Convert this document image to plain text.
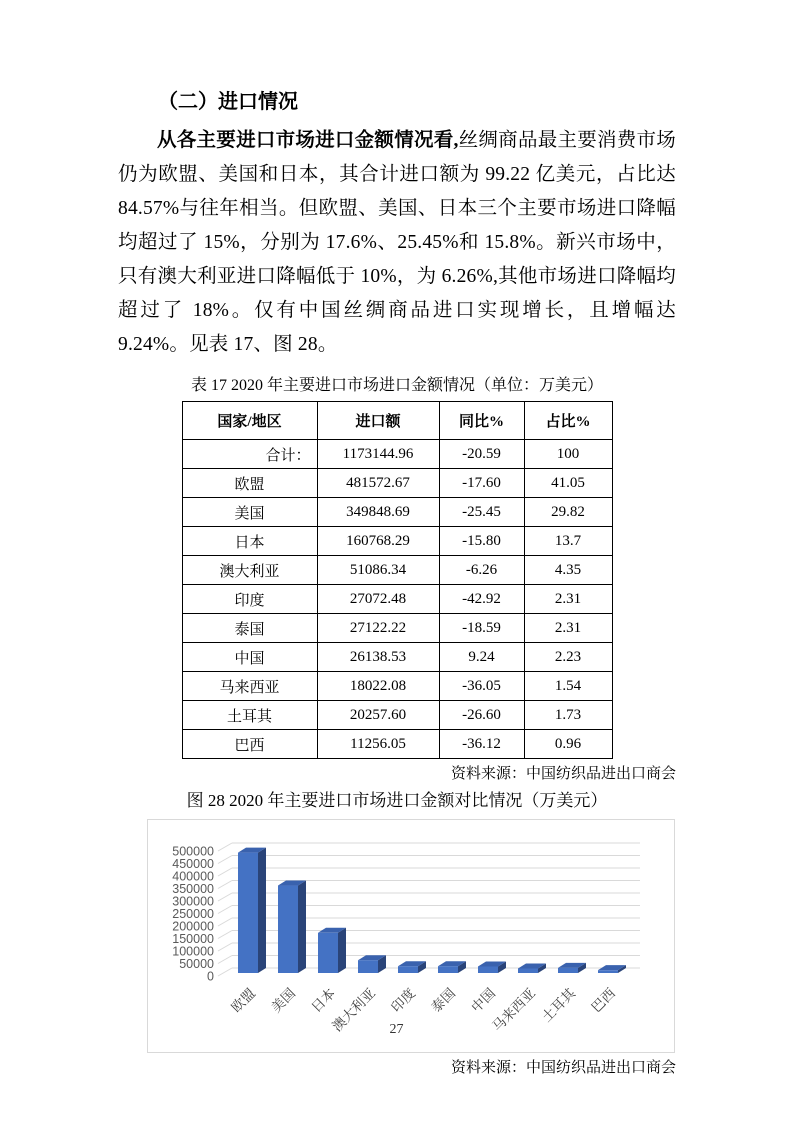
（二）进口情况

从各主要进口市场进口金额情况看,丝绸商品最主要消费市场仍为欧盟、美国和日本，其合计进口额为 99.22 亿美元，占比达 84.57%与往年相当。但欧盟、美国、日本三个主要市场进口降幅均超过了 15%，分别为 17.6%、25.45%和 15.8%。新兴市场中，只有澳大利亚进口降幅低于 10%，为 6.26%,其他市场进口降幅均超过了 18%。仅有中国丝绸商品进口实现增长，且增幅达 9.24%。见表 17、图 28。

表 17 2020 年主要进口市场进口金额情况（单位：万美元）
国家/地区	进口额	同比%	占比%
合计：	1173144.96	-20.59	100
欧盟	481572.67	-17.60	41.05
美国	349848.69	-25.45	29.82
日本	160768.29	-15.80	13.7
澳大利亚	51086.34	-6.26	4.35
印度	27072.48	-42.92	2.31
泰国	27122.22	-18.59	2.31
中国	26138.53	9.24	2.23
马来西亚	18022.08	-36.05	1.54
土耳其	20257.60	-26.60	1.73
巴西	11256.05	-36.12	0.96
资料来源：中国纺织品进出口商会
图 28 2020 年主要进口市场进口金额对比情况（万美元）
0
50000
100000
150000
200000
250000
300000
350000
400000
450000
500000
欧盟 美国 日本
澳大利亚 印度 泰国 中国
马来西亚 土耳其 巴西
资料来源：中国纺织品进出口商会
27
